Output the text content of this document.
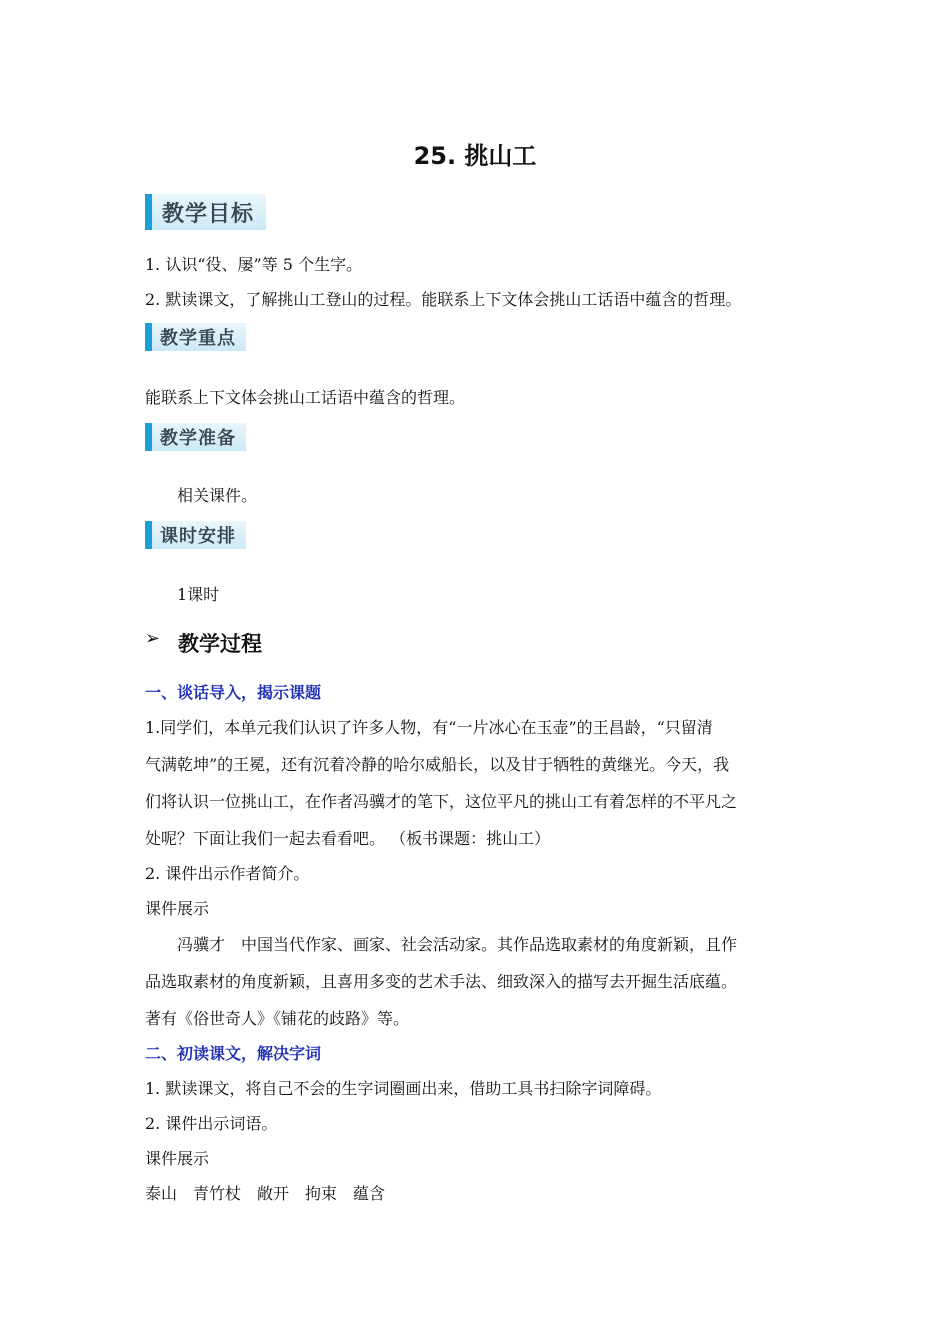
25. 挑山工
教学目标
1. 认识“役、屡”等 5 个生字。
2. 默读课文，了解挑山工登山的过程。能联系上下文体会挑山工话语中蕴含的哲理。
教学重点
能联系上下文体会挑山工话语中蕴含的哲理。
教学准备
相关课件。
课时安排
1课时
➢ 教学过程
一、谈话导入，揭示课题
1.同学们，本单元我们认识了许多人物，有“一片冰心在玉壶”的王昌龄，“只留清
气满乾坤”的王冕，还有沉着冷静的哈尔威船长，以及甘于牺牲的黄继光。今天，我
们将认识一位挑山工，在作者冯骥才的笔下，这位平凡的挑山工有着怎样的不平凡之
处呢？下面让我们一起去看看吧。 （板书课题：挑山工）
2. 课件出示作者简介。
课件展示
　　冯骥才　中国当代作家、画家、社会活动家。其作品选取素材的角度新颖，且作
品选取素材的角度新颖，且喜用多变的艺术手法、细致深入的描写去开掘生活底蕴。
著有《俗世奇人》《铺花的歧路》等。
二、初读课文，解决字词
1. 默读课文，将自己不会的生字词圈画出来，借助工具书扫除字词障碍。
2. 课件出示词语。
课件展示
泰山　青竹杖　敞开　拘束　蕴含
